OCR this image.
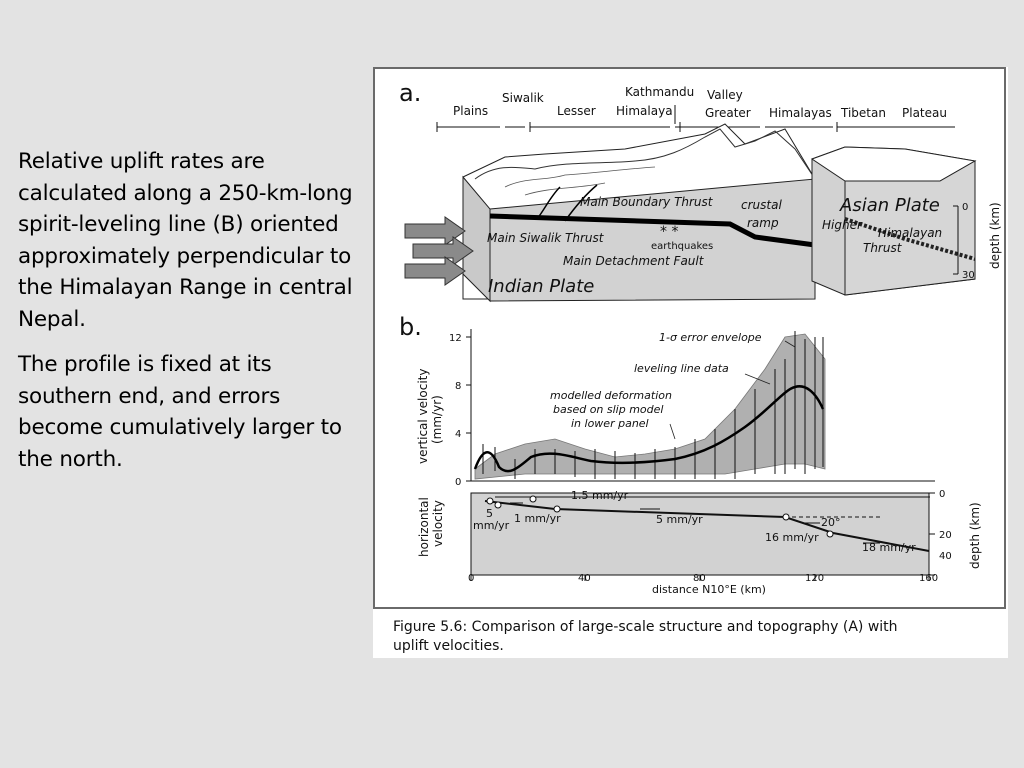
Relative uplift rates are calculated along a 250-km-long spirit-leveling line (B) oriented approximately perpendicular to the Himalayan Range in central Nepal.

The profile is fixed at its southern end, and errors become cumulatively larger to the north.

a.
Plains
Siwalik
Lesser Himalaya
Kathmandu Valley
Greater Himalayas Tibetan Plateau
* *
Main Boundary Thrust
Main Siwalik Thrust
Main Detachment Fault
crustal
ramp	Higher
Himalayan
Thrust
earthquakes
Indian Plate
Asian Plate 0
30
depth (km)
b.	12
8
4
0
vertical velocity (mm/yr)
1-σ error envelope
leveling line data
modelled deformation
based on slip model
in lower panel
1.5 mm/yr
5
mm/yr
1 mm/yr	5 mm/yr
16 mm/yr
18 mm/yr
20°
horizontal velocity
0
20
40 depth (km)
0	40	80	120	160
distance N10°E (km)
Figure 5.6: Comparison of large-scale structure and topography (A) with
uplift velocities.
